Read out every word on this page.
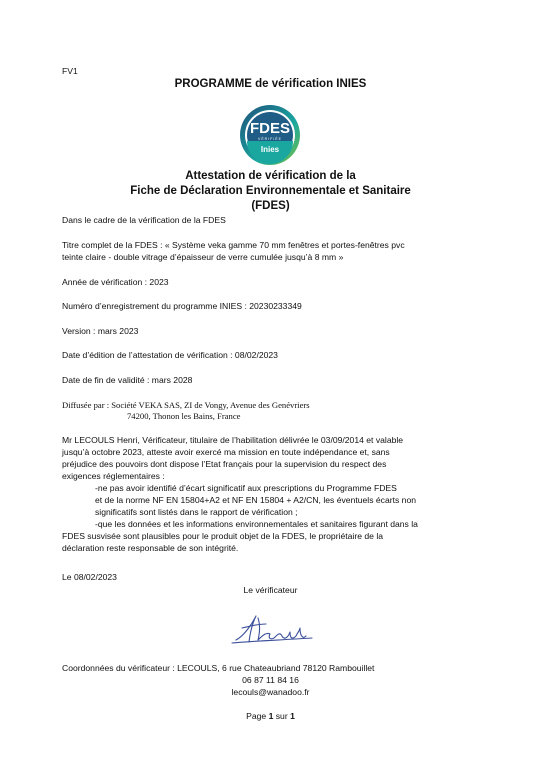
FV1
PROGRAMME de vérification INIES
FDES
VÉRIFIÉE
Inies
Attestation de vérification de la
Fiche de Déclaration Environnementale et Sanitaire
(FDES)
Dans le cadre de la vérification de la FDES
Titre complet de la FDES : « Système veka gamme 70 mm fenêtres et portes-fenêtres pvc
teinte claire - double vitrage d’épaisseur de verre cumulée jusqu’à 8 mm »
Année de vérification : 2023
Numéro d’enregistrement du programme INIES : 20230233349
Version : mars 2023
Date d’édition de l’attestation de vérification : 08/02/2023
Date de fin de validité : mars 2028
Diffusée par : Société VEKA SAS, ZI de Vongy, Avenue des Genévriers
74200, Thonon les Bains, France
Mr LECOULS Henri, Vérificateur, titulaire de l’habilitation délivrée le 03/09/2014 et valable
jusqu’à octobre 2023, atteste avoir exercé ma mission en toute indépendance et, sans
préjudice des pouvoirs dont dispose l’Etat français pour la supervision du respect des
exigences réglementaires :
-ne pas avoir identifié d’écart significatif aux prescriptions du Programme FDES
et de la norme NF EN 15804+A2 et NF EN 15804 + A2/CN, les éventuels écarts non
significatifs sont listés dans le rapport de vérification ;
-que les données et les informations environnementales et sanitaires figurant dans la
FDES susvisée sont plausibles pour le produit objet de la FDES, le propriétaire de la
déclaration reste responsable de son intégrité.
Le 08/02/2023
Le vérificateur
Coordonnées du vérificateur : LECOULS, 6 rue Chateaubriand 78120 Rambouillet
06 87 11 84 16
lecouls@wanadoo.fr
Page 1 sur 1
